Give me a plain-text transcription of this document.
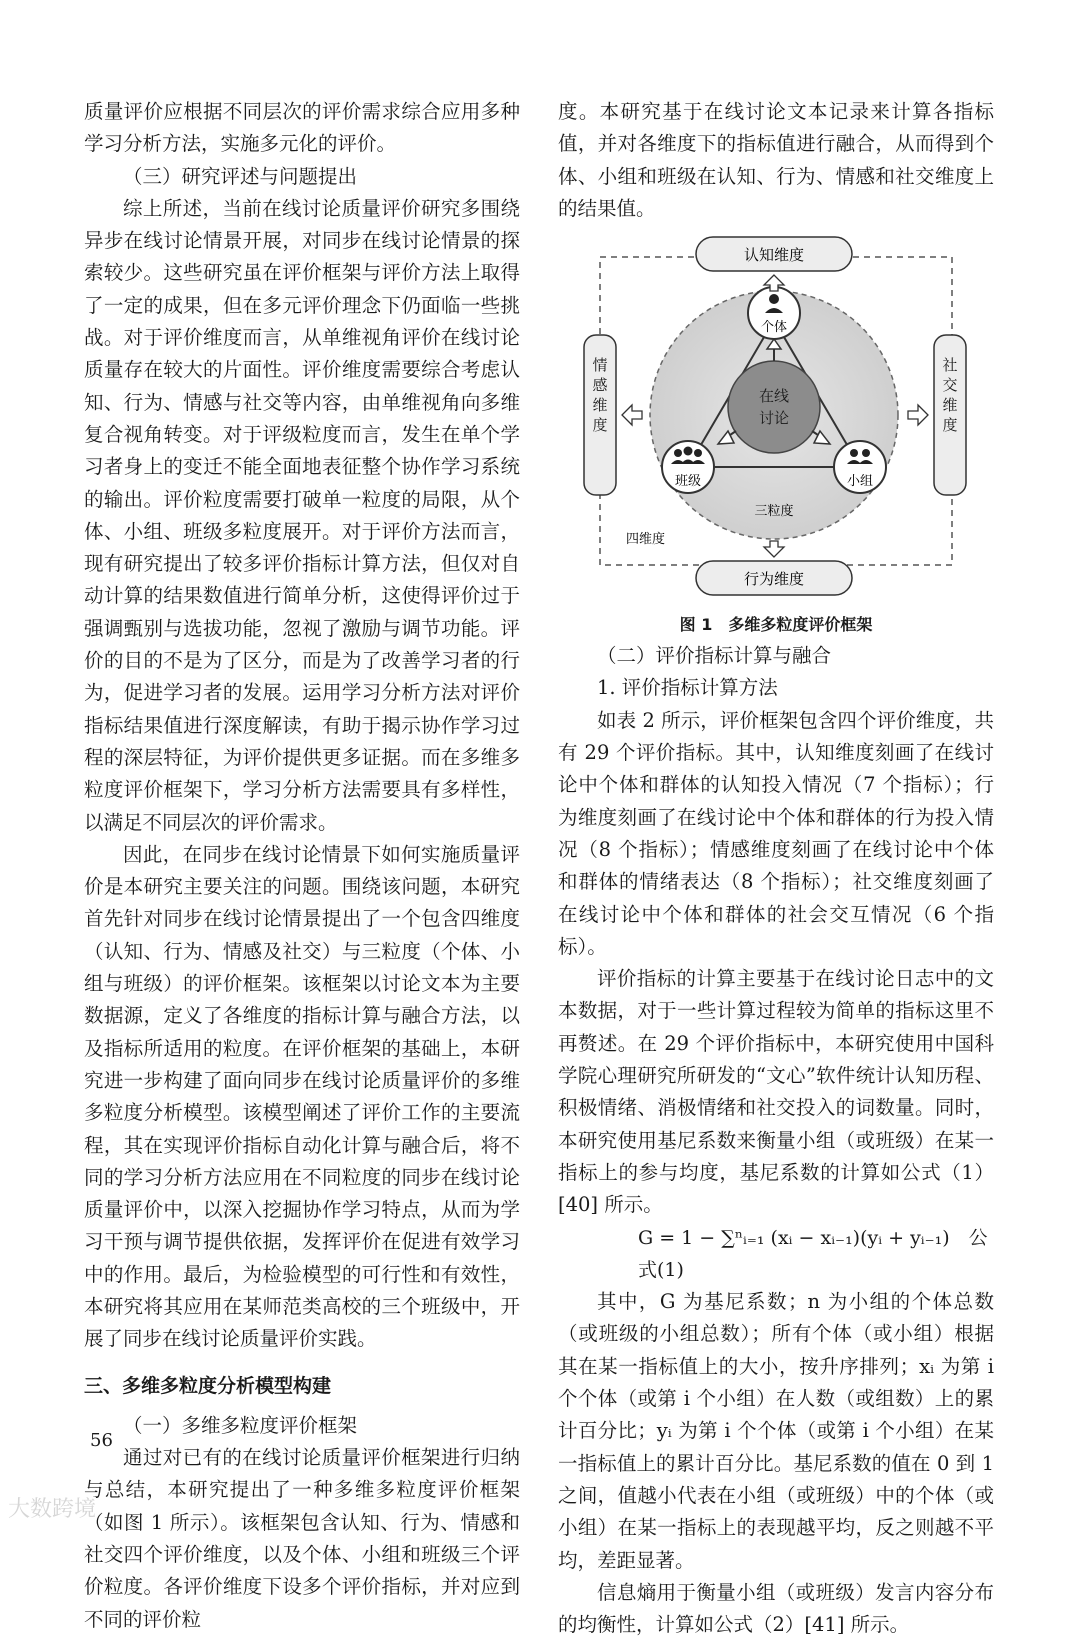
质量评价应根据不同层次的评价需求综合应用多种学习分析方法，实施多元化的评价。

（三）研究评述与问题提出

综上所述，当前在线讨论质量评价研究多围绕异步在线讨论情景开展，对同步在线讨论情景的探索较少。这些研究虽在评价框架与评价方法上取得了一定的成果，但在多元评价理念下仍面临一些挑战。对于评价维度而言，从单维视角评价在线讨论质量存在较大的片面性。评价维度需要综合考虑认知、行为、情感与社交等内容，由单维视角向多维复合视角转变。对于评级粒度而言，发生在单个学习者身上的变迁不能全面地表征整个协作学习系统的输出。评价粒度需要打破单一粒度的局限，从个体、小组、班级多粒度展开。对于评价方法而言，现有研究提出了较多评价指标计算方法，但仅对自动计算的结果数值进行简单分析，这使得评价过于强调甄别与选拔功能，忽视了激励与调节功能。评价的目的不是为了区分，而是为了改善学习者的行为，促进学习者的发展。运用学习分析方法对评价指标结果值进行深度解读，有助于揭示协作学习过程的深层特征，为评价提供更多证据。而在多维多粒度评价框架下，学习分析方法需要具有多样性，以满足不同层次的评价需求。

因此，在同步在线讨论情景下如何实施质量评价是本研究主要关注的问题。围绕该问题，本研究首先针对同步在线讨论情景提出了一个包含四维度（认知、行为、情感及社交）与三粒度（个体、小组与班级）的评价框架。该框架以讨论文本为主要数据源，定义了各维度的指标计算与融合方法，以及指标所适用的粒度。在评价框架的基础上，本研究进一步构建了面向同步在线讨论质量评价的多维多粒度分析模型。该模型阐述了评价工作的主要流程，其在实现评价指标自动化计算与融合后，将不同的学习分析方法应用在不同粒度的同步在线讨论质量评价中，以深入挖掘协作学习特点，从而为学习干预与调节提供依据，发挥评价在促进有效学习中的作用。最后，为检验模型的可行性和有效性，本研究将其应用在某师范类高校的三个班级中，开展了同步在线讨论质量评价实践。

三、多维多粒度分析模型构建

（一）多维多粒度评价框架

通过对已有的在线讨论质量评价框架进行归纳与总结，本研究提出了一种多维多粒度评价框架（如图 1 所示）。该框架包含认知、行为、情感和社交四个评价维度，以及个体、小组和班级三个评价粒度。各评价维度下设多个评价指标，并对应到不同的评价粒

度。本研究基于在线讨论文本记录来计算各指标值，并对各维度下的指标值进行融合，从而得到个体、小组和班级在认知、行为、情感和社交维度上的结果值。

认知维度
行为维度
个体
班级	小组
三粒度
四维度
情感维度
社交维度
在线讨论

图 1　多维多粒度评价框架

（二）评价指标计算与融合

1. 评价指标计算方法

如表 2 所示，评价框架包含四个评价维度，共有 29 个评价指标。其中，认知维度刻画了在线讨论中个体和群体的认知投入情况（7 个指标）；行为维度刻画了在线讨论中个体和群体的行为投入情况（8 个指标）；情感维度刻画了在线讨论中个体和群体的情绪表达（8 个指标）；社交维度刻画了在线讨论中个体和群体的社会交互情况（6 个指标）。

评价指标的计算主要基于在线讨论日志中的文本数据，对于一些计算过程较为简单的指标这里不再赘述。在 29 个评价指标中，本研究使用中国科学院心理研究所研发的“文心”软件统计认知历程、积极情绪、消极情绪和社交投入的词数量。同时，本研究使用基尼系数来衡量小组（或班级）在某一指标上的参与均度，基尼系数的计算如公式（1）[40] 所示。

G = 1 − ∑ⁿᵢ₌₁ (xᵢ − xᵢ₋₁)(yᵢ + yᵢ₋₁)　公式(1)

其中，G 为基尼系数；n 为小组的个体总数（或班级的小组总数）；所有个体（或小组）根据其在某一指标值上的大小，按升序排列；xᵢ 为第 i 个个体（或第 i 个小组）在人数（或组数）上的累计百分比；yᵢ 为第 i 个个体（或第 i 个小组）在某一指标值上的累计百分比。基尼系数的值在 0 到 1 之间，值越小代表在小组（或班级）中的个体（或小组）在某一指标上的表现越平均，反之则越不平均，差距显著。

信息熵用于衡量小组（或班级）发言内容分布的均衡性，计算如公式（2）[41] 所示。

56
大数跨境
